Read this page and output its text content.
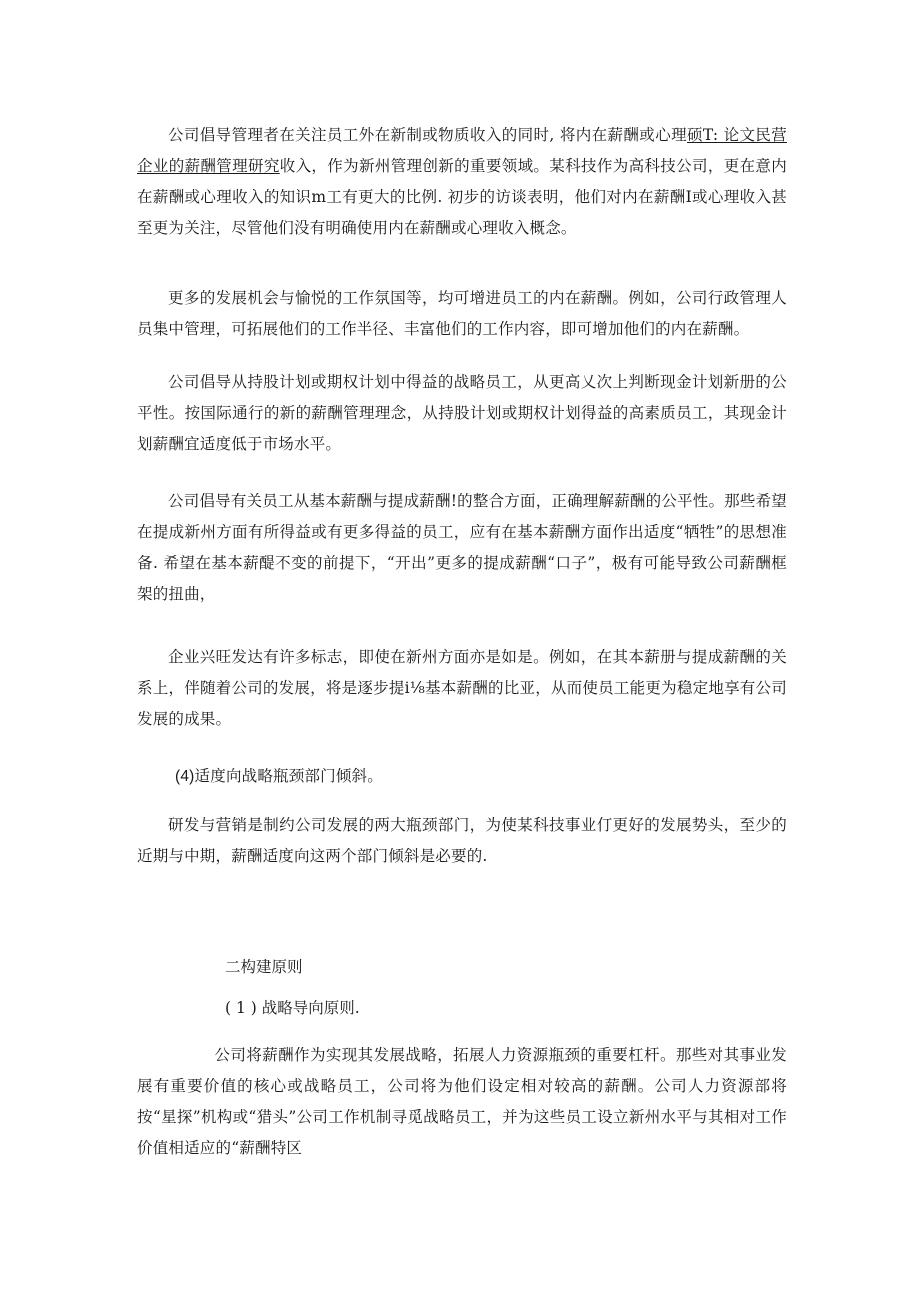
公司倡导管理者在关注员工外在新制或物质收入的同时, 将内在薪酬或心理硕T: 论文民营企业的薪酬管理研究收入，作为新州管理创新的重要领域。某科技作为高科技公司，更在意内在薪酬或心理收入的知识m工有更大的比例. 初步的访谈表明，他们对内在薪酬I或心理收入甚至更为关注，尽管他们没有明确使用内在薪酬或心理收入概念。

更多的发展机会与愉悦的工作氛国等，均可增进员工的内在薪酬。例如，公司行政管理人员集中管理，可拓展他们的工作半径、丰富他们的工作内容，即可增加他们的内在薪酬。

公司倡导从持股计划或期权计划中得益的战略员工，从更高乂次上判断现金计划新册的公平性。按国际通行的新的薪酬管理理念，从持股计划或期权计划得益的高素质员工，其现金计划薪酬宜适度低于市场水平。

公司倡导有关员工从基本薪酬与提成薪酬!的整合方面，正确理解薪酬的公平性。那些希望在提成新州方面有所得益或有更多得益的员工，应有在基本薪酬方面作出适度“牺牲”的思想准备. 希望在基本薪醍不变的前提下，“开出”更多的提成薪酬“口子”，极有可能导致公司薪酬框架的扭曲，

企业兴旺发达有许多标志，即使在新州方面亦是如是。例如，在其本薪册与提成薪酬的关系上，伴随着公司的发展，将是逐步提i⅛基本薪酬的比亚，从而使员工能更为稳定地享有公司发展的成果。

(4)适度向战略瓶颈部门倾斜。

研发与营销是制约公司发展的两大瓶颈部门，为使某科技事业仃更好的发展势头，至少的近期与中期，薪酬适度向这两个部门倾斜是必要的.

二构建原则

( 1 ) 战略导向原则.

公司将薪酬作为实现其发展战略，拓展人力资源瓶颈的重要杠杆。那些对其事业发展有重要价值的核心或战略员工，公司将为他们设定相对较高的薪酬。公司人力资源部将按“星探”机构或“猎头”公司工作机制寻觅战略员工，并为这些员工设立新州水平与其相对工作价值相适应的“薪酬特区
